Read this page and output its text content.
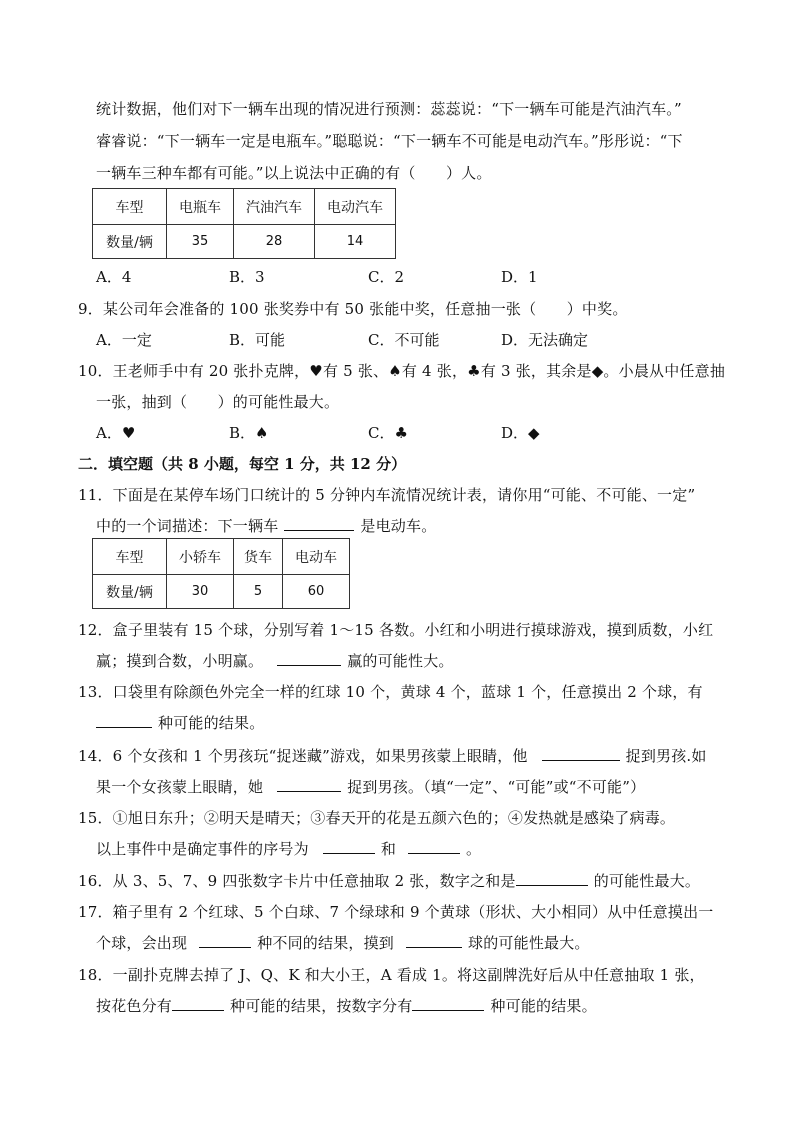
统计数据，他们对下一辆车出现的情况进行预测：蕊蕊说：“下一辆车可能是汽油汽车。”
睿睿说：“下一辆车一定是电瓶车。”聪聪说：“下一辆车不可能是电动汽车。”彤彤说：“下
一辆车三种车都有可能。”以上说法中正确的有（　　）人。
车型	电瓶车	汽油汽车	电动汽车
数量/辆	35	28	14
A．4	B．3	C．2	D．1
9．某公司年会准备的 100 张奖券中有 50 张能中奖，任意抽一张（　　）中奖。
A．一定	B．可能	C．不可能	D．无法确定
10．王老师手中有 20 张扑克牌，♥有 5 张、♠有 4 张，♣有 3 张，其余是◆。小晨从中任意抽
一张，抽到（　　）的可能性最大。
A．♥	B．♠	C．♣	D．◆
二．填空题（共 8 小题，每空 1 分，共 12 分）
11．下面是在某停车场门口统计的 5 分钟内车流情况统计表，请你用“可能、不可能、一定”
中的一个词描述：下一辆车	是电动车。
车型	小轿车	货车	电动车
数量/辆	30	5	60
12．盒子里装有 15 个球，分别写着 1～15 各数。小红和小明进行摸球游戏，摸到质数，小红
赢；摸到合数，小明赢。	赢的可能性大。
13．口袋里有除颜色外完全一样的红球 10 个，黄球 4 个，蓝球 1 个，任意摸出 2 个球，有
种可能的结果。
14．6 个女孩和 1 个男孩玩“捉迷藏”游戏，如果男孩蒙上眼睛，他	捉到男孩.如
果一个女孩蒙上眼睛，她	捉到男孩。（填“一定”、“可能”或“不可能”）
15．①旭日东升；②明天是晴天；③春天开的花是五颜六色的；④发热就是感染了病毒。
以上事件中是确定事件的序号为	和	。
16．从 3、5、7、9 四张数字卡片中任意抽取 2 张，数字之和是	的可能性最大。
17．箱子里有 2 个红球、5 个白球、7 个绿球和 9 个黄球（形状、大小相同）从中任意摸出一
个球，会出现	种不同的结果，摸到	球的可能性最大。
18．一副扑克牌去掉了 J、Q、K 和大小王，A 看成 1。将这副牌洗好后从中任意抽取 1 张，
按花色分有	种可能的结果，按数字分有	种可能的结果。
